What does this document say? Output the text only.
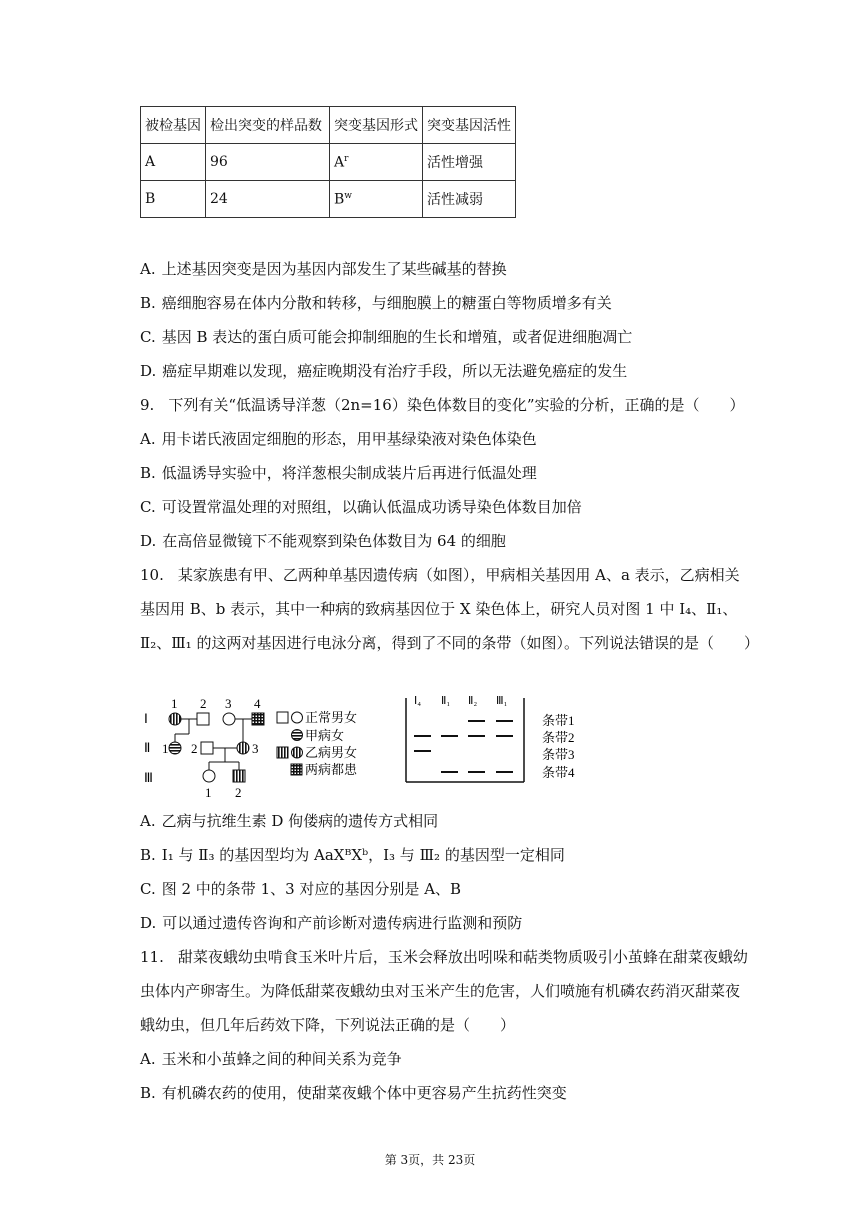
被检基因	检出突变的样品数	突变基因形式	突变基因活性
A	96	$A^r$	活性增强
B	24	$B^w$	活性减弱
A. 上述基因突变是因为基因内部发生了某些碱基的替换
B. 癌细胞容易在体内分散和转移，与细胞膜上的糖蛋白等物质增多有关
C. 基因 B 表达的蛋白质可能会抑制细胞的生长和增殖，或者促进细胞凋亡
D. 癌症早期难以发现，癌症晚期没有治疗手段，所以无法避免癌症的发生
9. 下列有关“低温诱导洋葱（2n=16）染色体数目的变化”实验的分析，正确的是（　　）
A. 用卡诺氏液固定细胞的形态，用甲基绿染液对染色体染色
B. 低温诱导实验中，将洋葱根尖制成装片后再进行低温处理
C. 可设置常温处理的对照组，以确认低温成功诱导染色体数目加倍
D. 在高倍显微镜下不能观察到染色体数目为 64 的细胞
10. 某家族患有甲、乙两种单基因遗传病（如图），甲病相关基因用 A、a 表示，乙病相关
基因用 B、b 表示，其中一种病的致病基因位于 X 染色体上，研究人员对图 1 中 Ⅰ₄、Ⅱ₁、
Ⅱ₂、Ⅲ₁ 的这两对基因进行电泳分离，得到了不同的条带（如图）。下列说法错误的是（　　）
Ⅰ
Ⅱ
Ⅲ
1 2 3 4
1 2	3
1 2
正常男女
甲病女
乙病男女
两病都患
Ⅰ₄ Ⅱ₁ Ⅱ₂ Ⅲ₁
条带1
条带2
条带3
条带4
A. 乙病与抗维生素 D 佝偻病的遗传方式相同
B. Ⅰ₁ 与 Ⅱ₃ 的基因型均为 AaXᴮXᵇ，Ⅰ₃ 与 Ⅲ₂ 的基因型一定相同
C. 图 2 中的条带 1、3 对应的基因分别是 A、B
D. 可以通过遗传咨询和产前诊断对遗传病进行监测和预防
11. 甜菜夜蛾幼虫啃食玉米叶片后，玉米会释放出吲哚和萜类物质吸引小茧蜂在甜菜夜蛾幼
虫体内产卵寄生。为降低甜菜夜蛾幼虫对玉米产生的危害，人们喷施有机磷农药消灭甜菜夜
蛾幼虫，但几年后药效下降，下列说法正确的是（　　）
A. 玉米和小茧蜂之间的种间关系为竞争
B. 有机磷农药的使用，使甜菜夜蛾个体中更容易产生抗药性突变
第 3页，共 23页
